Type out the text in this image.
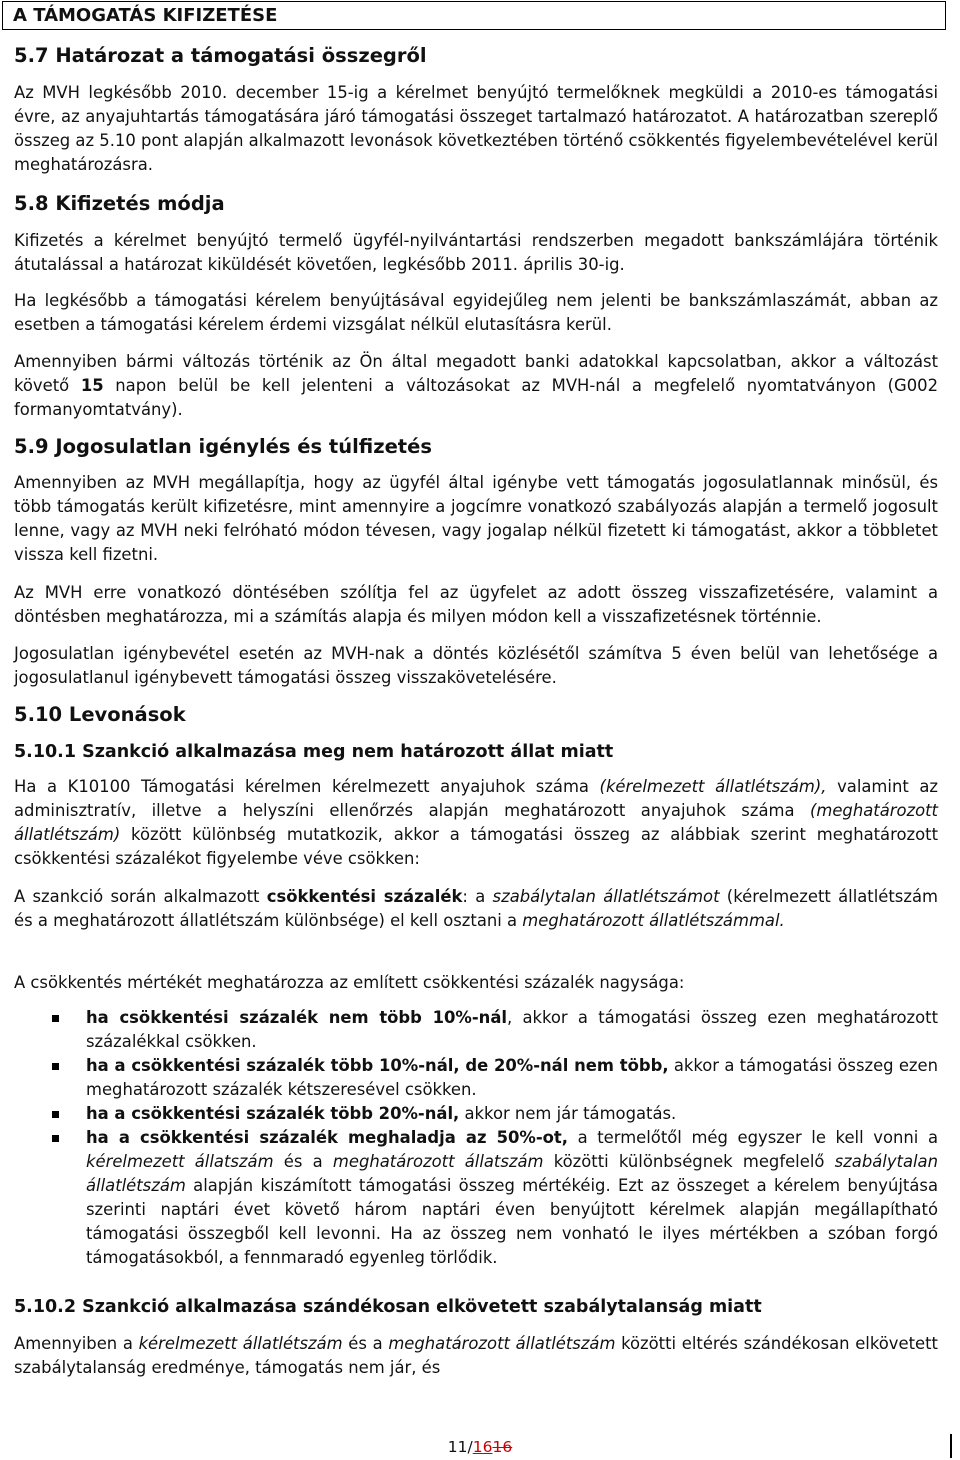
A TÁMOGATÁS KIFIZETÉSE
5.7 Határozat a támogatási összegről

Az MVH legkésőbb 2010. december 15-ig a kérelmet benyújtó termelőknek megküldi a 2010-es támogatási évre, az anyajuhtartás támogatására járó támogatási összeget tartalmazó határozatot. A határozatban szereplő összeg az 5.10 pont alapján alkalmazott levonások következtében történő csökkentés figyelembevételével kerül meghatározásra.

5.8 Kifizetés módja

Kifizetés a kérelmet benyújtó termelő ügyfél-nyilvántartási rendszerben megadott bankszámlájára történik átutalással a határozat kiküldését követően, legkésőbb 2011. április 30-ig.

Ha legkésőbb a támogatási kérelem benyújtásával egyidejűleg nem jelenti be bankszámlaszámát, abban az esetben a támogatási kérelem érdemi vizsgálat nélkül elutasításra kerül.

Amennyiben bármi változás történik az Ön által megadott banki adatokkal kapcsolatban, akkor a változást követő 15 napon belül be kell jelenteni a változásokat az MVH-nál a megfelelő nyomtatványon (G002 formanyomtatvány).

5.9 Jogosulatlan igénylés és túlfizetés

Amennyiben az MVH megállapítja, hogy az ügyfél által igénybe vett támogatás jogosulatlannak minősül, és több támogatás került kifizetésre, mint amennyire a jogcímre vonatkozó szabályozás alapján a termelő jogosult lenne, vagy az MVH neki felróható módon tévesen, vagy jogalap nélkül fizetett ki támogatást, akkor a többletet vissza kell fizetni.

Az MVH erre vonatkozó döntésében szólítja fel az ügyfelet az adott összeg visszafizetésére, valamint a döntésben meghatározza, mi a számítás alapja és milyen módon kell a visszafizetésnek történnie.

Jogosulatlan igénybevétel esetén az MVH-nak a döntés közlésétől számítva 5 éven belül van lehetősége a jogosulatlanul igénybevett támogatási összeg visszakövetelésére.

5.10 Levonások
5.10.1 Szankció alkalmazása meg nem határozott állat miatt

Ha a K10100 Támogatási kérelmen kérelmezett anyajuhok száma (kérelmezett állatlétszám), valamint az adminisztratív, illetve a helyszíni ellenőrzés alapján meghatározott anyajuhok száma (meghatározott állatlétszám) között különbség mutatkozik, akkor a támogatási összeg az alábbiak szerint meghatározott csökkentési százalékot figyelembe véve csökken:

A szankció során alkalmazott csökkentési százalék: a szabálytalan állatlétszámot (kérelmezett állatlétszám és a meghatározott állatlétszám különbsége) el kell osztani a meghatározott állatlétszámmal.

A csökkentés mértékét meghatározza az említett csökkentési százalék nagysága:

ha csökkentési százalék nem több 10%-nál, akkor a támogatási összeg ezen meghatározott százalékkal csökken.
ha a csökkentési százalék több 10%-nál, de 20%-nál nem több, akkor a támogatási összeg ezen meghatározott százalék kétszeresével csökken.
ha a csökkentési százalék több 20%-nál, akkor nem jár támogatás.
ha a csökkentési százalék meghaladja az 50%-ot, a termelőtől még egyszer le kell vonni a kérelmezett állatszám és a meghatározott állatszám közötti különbségnek megfelelő szabálytalan állatlétszám alapján kiszámított támogatási összeg mértékéig. Ezt az összeget a kérelem benyújtása szerinti naptári évet követő három naptári éven benyújtott kérelmek alapján megállapítható támogatási összegből kell levonni. Ha az összeg nem vonható le ilyes mértékben a szóban forgó támogatásokból, a fennmaradó egyenleg törlődik.
5.10.2 Szankció alkalmazása szándékosan elkövetett szabálytalanság miatt

Amennyiben a kérelmezett állatlétszám és a meghatározott állatlétszám közötti eltérés szándékosan elkövetett szabálytalanság eredménye, támogatás nem jár, és

11/1616
